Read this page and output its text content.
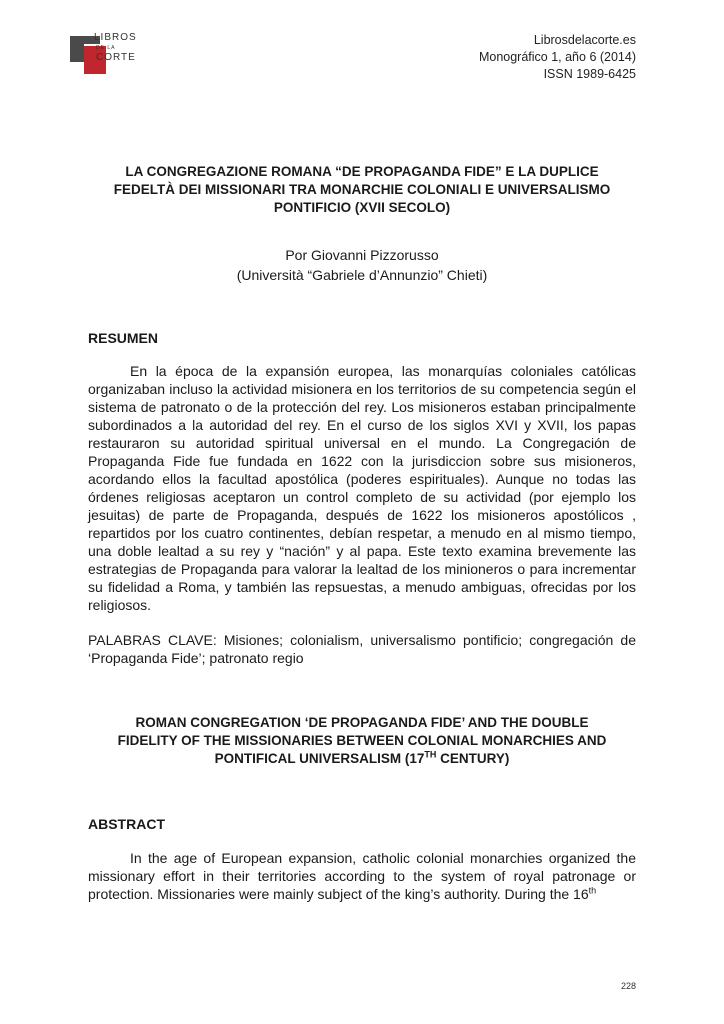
LIBROS
DE LA
CORTE
Librosdelacorte.es
Monográfico 1, año 6 (2014)
ISSN 1989-6425
LA CONGREGAZIONE ROMANA “DE PROPAGANDA FIDE” E LA DUPLICE
FEDELTÀ DEI MISSIONARI TRA MONARCHIE COLONIALI E UNIVERSALISMO
PONTIFICIO (XVII SECOLO)
Por Giovanni Pizzorusso
(Università “Gabriele d’Annunzio” Chieti)
RESUMEN

En la época de la expansión europea, las monarquías coloniales católicas organizaban incluso la actividad misionera en los territorios de su competencia según el sistema de patronato o de la protección del rey. Los misioneros estaban principalmente subordinados a la autoridad del rey. En el curso de los siglos XVI y XVII, los papas restauraron su autoridad spiritual universal en el mundo. La Congregación de Propaganda Fide fue fundada en 1622 con la jurisdiccion sobre sus misioneros, acordando ellos la facultad apostólica (poderes espirituales). Aunque no todas las órdenes religiosas aceptaron un control completo de su actividad (por ejemplo los jesuitas) de parte de Propaganda, después de 1622 los misioneros apostólicos , repartidos por los cuatro continentes, debían respetar, a menudo en al mismo tiempo, una doble lealtad a su rey y “nación” y al papa. Este texto examina brevemente las estrategias de Propaganda para valorar la lealtad de los minioneros o para incrementar su fidelidad a Roma, y también las repsuestas, a menudo ambiguas, ofrecidas por los religiosos.

PALABRAS CLAVE: Misiones; colonialism, universalismo pontificio; congregación de ‘Propaganda Fide’; patronato regio

ROMAN CONGREGATION ‘DE PROPAGANDA FIDE’ AND THE DOUBLE
FIDELITY OF THE MISSIONARIES BETWEEN COLONIAL MONARCHIES AND
PONTIFICAL UNIVERSALISM (17TH CENTURY)
ABSTRACT

In the age of European expansion, catholic colonial monarchies organized the missionary effort in their territories according to the system of royal patronage or protection. Missionaries were mainly subject of the king’s authority. During the 16th

228
